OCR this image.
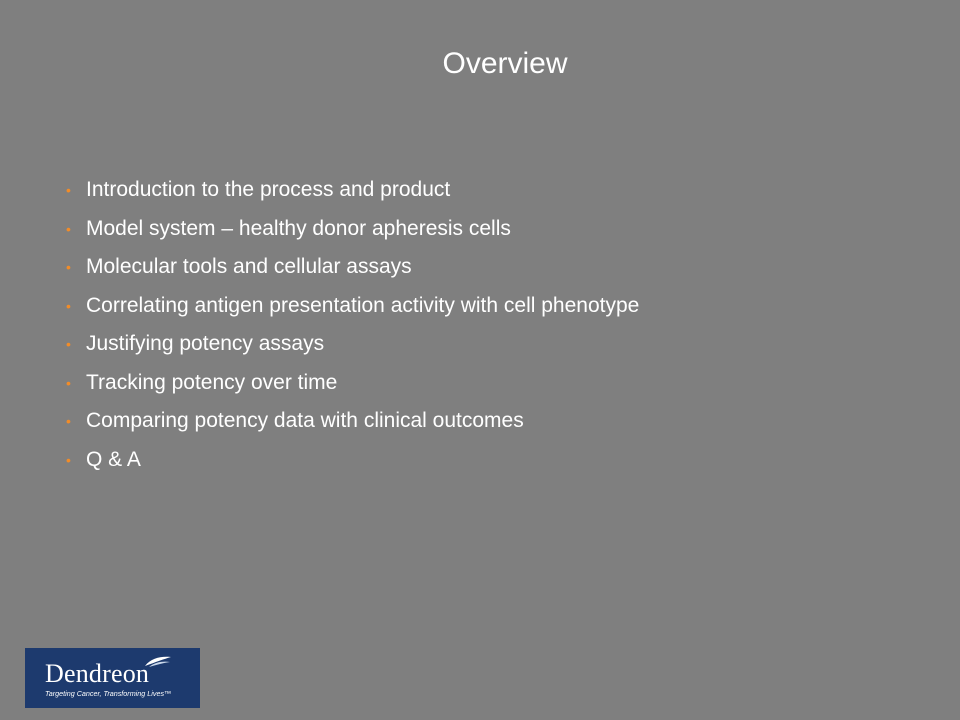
Overview
• Introduction to the process and product
• Model system – healthy donor apheresis cells
• Molecular tools and cellular assays
• Correlating antigen presentation activity with cell phenotype
• Justifying potency assays
• Tracking potency over time
• Comparing potency data with clinical outcomes
• Q & A
Dendreon
Targeting Cancer, Transforming Lives™
